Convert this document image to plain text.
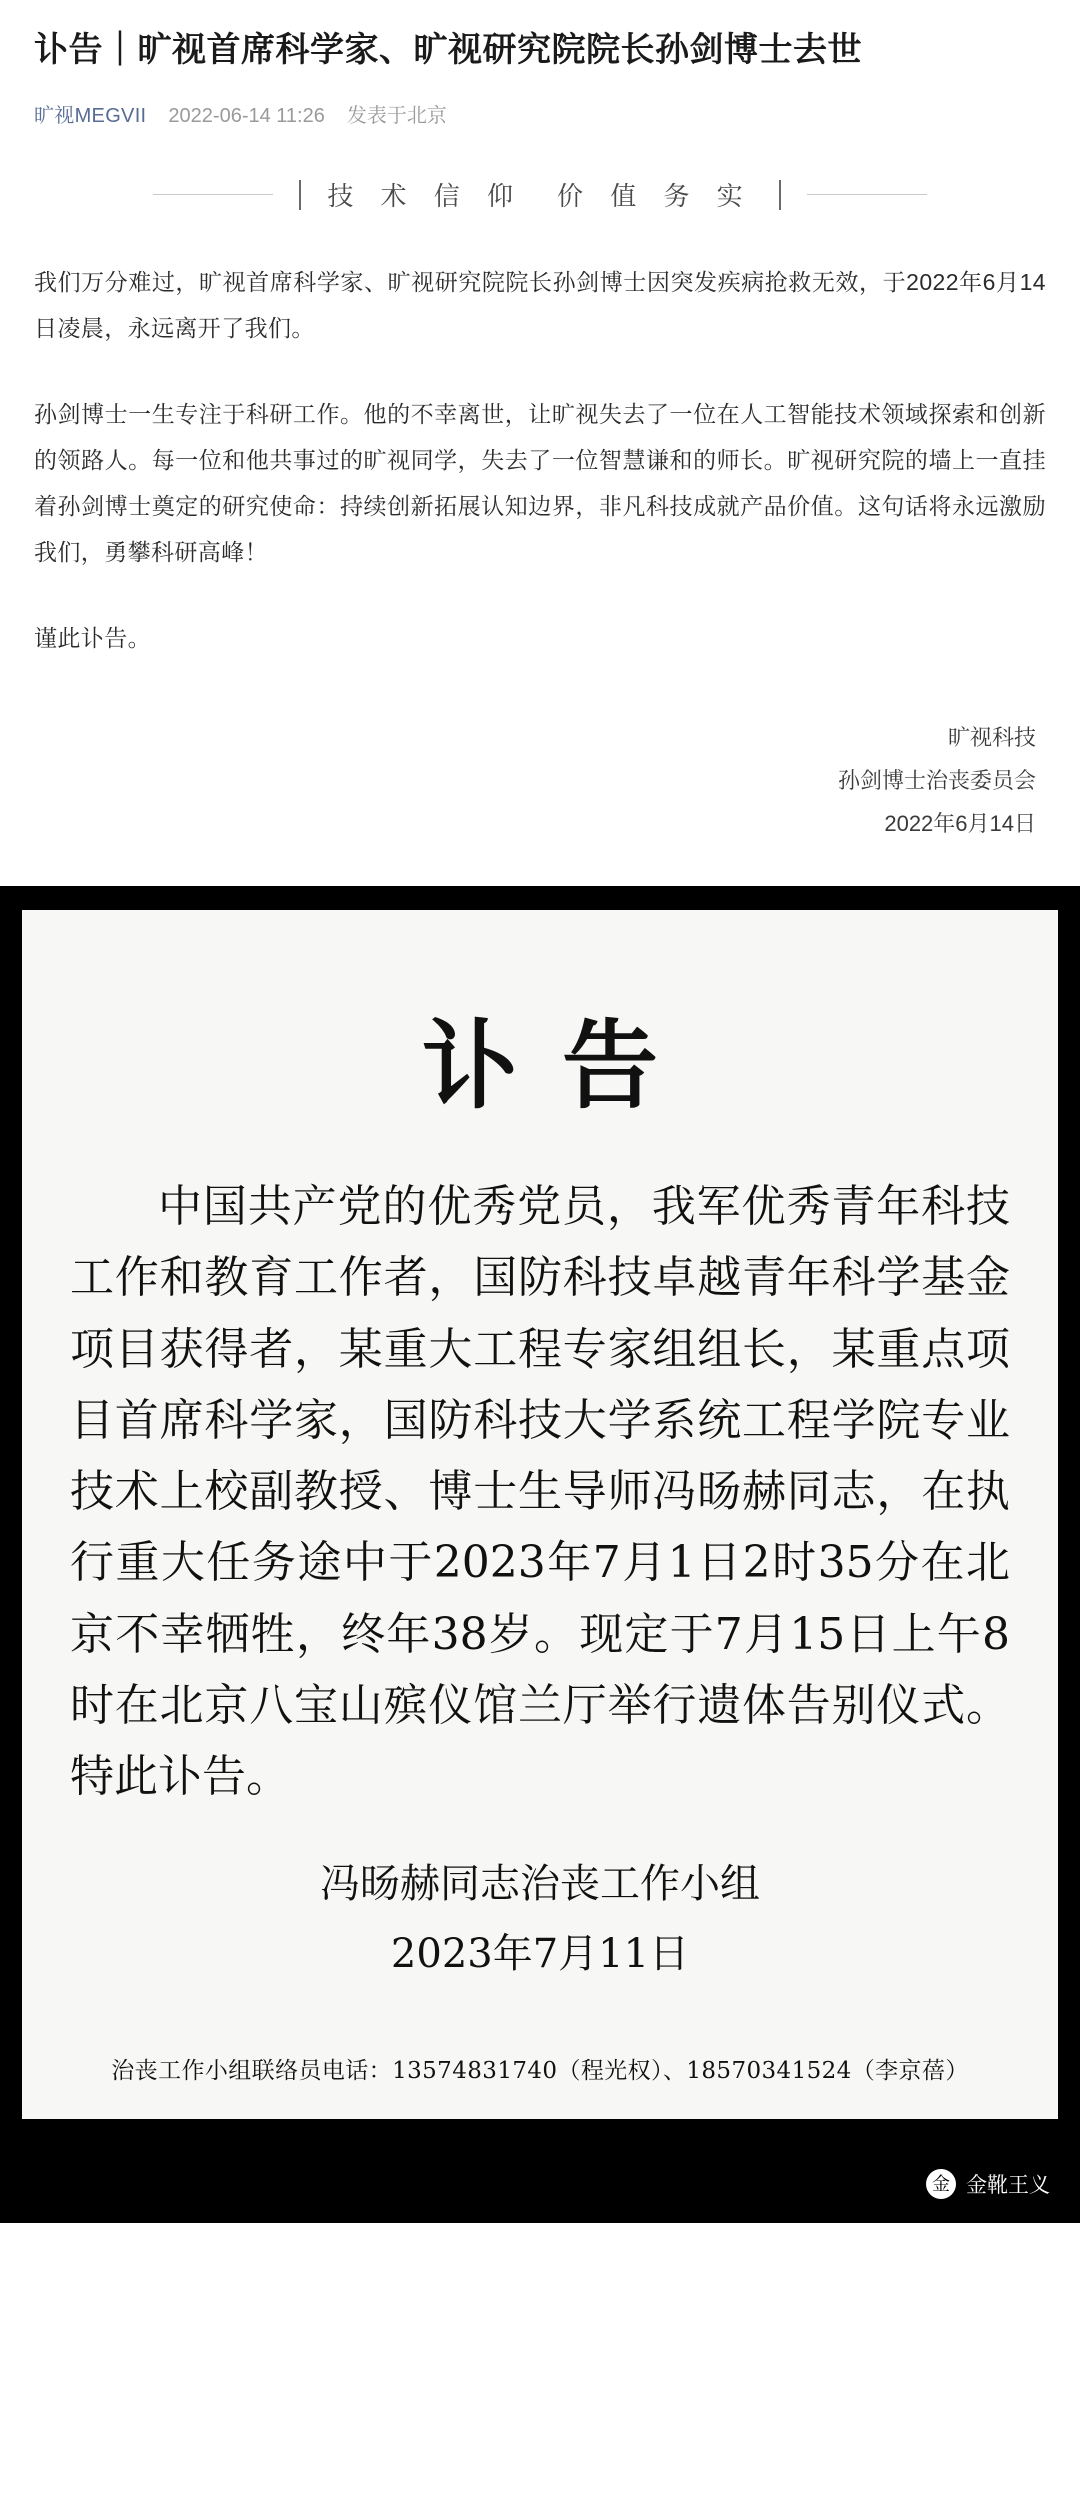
讣告｜旷视首席科学家、旷视研究院院长孙剑博士去世
旷视MEGVII 2022-06-14 11:26 发表于北京
技 术 信 仰 价 值 务 实

我们万分难过，旷视首席科学家、旷视研究院院长孙剑博士因突发疾病抢救无效，于2022年6月14日凌晨，永远离开了我们。

孙剑博士一生专注于科研工作。他的不幸离世，让旷视失去了一位在人工智能技术领域探索和创新的领路人。每一位和他共事过的旷视同学，失去了一位智慧谦和的师长。旷视研究院的墙上一直挂着孙剑博士奠定的研究使命：持续创新拓展认知边界，非凡科技成就产品价值。这句话将永远激励我们，勇攀科研高峰！

谨此讣告。

旷视科技
孙剑博士治丧委员会
2022年6月14日
讣告
中国共产党的优秀党员，我军优秀青年科技工作和教育工作者，国防科技卓越青年科学基金项目获得者，某重大工程专家组组长，某重点项目首席科学家，国防科技大学系统工程学院专业技术上校副教授、博士生导师冯旸赫同志，在执行重大任务途中于2023年7月1日2时35分在北京不幸牺牲，终年38岁。现定于7月15日上午8时在北京八宝山殡仪馆兰厅举行遗体告别仪式。特此讣告。
冯旸赫同志治丧工作小组
2023年7月11日
治丧工作小组联络员电话：13574831740（程光权）、18570341524（李京蓓）
金 金靴王义
